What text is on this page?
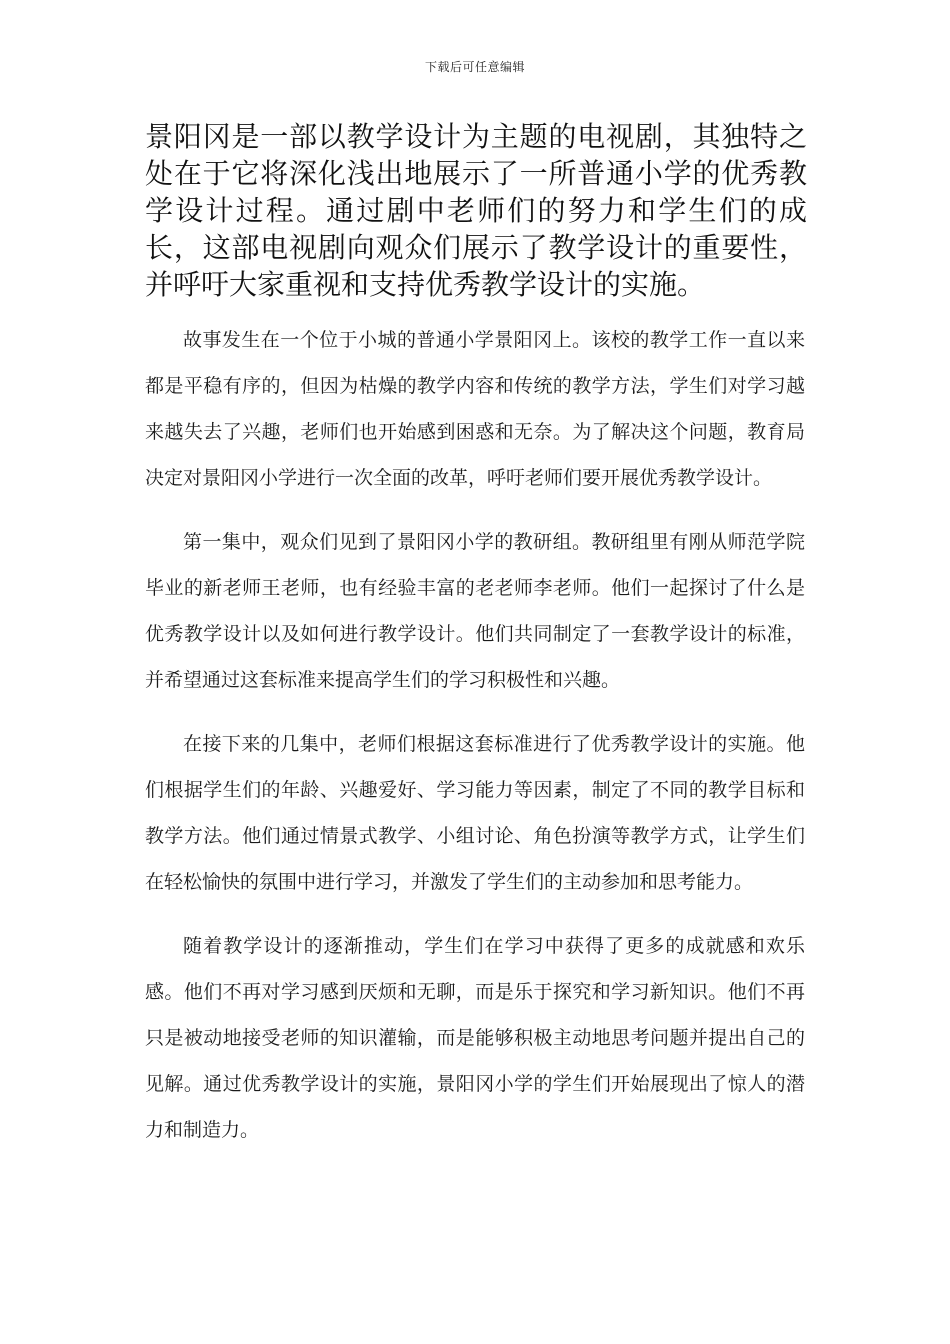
下载后可任意编辑
景阳冈是一部以教学设计为主题的电视剧，其独特之处在于它将深化浅出地展示了一所普通小学的优秀教学设计过程。通过剧中老师们的努力和学生们的成长，这部电视剧向观众们展示了教学设计的重要性，并呼吁大家重视和支持优秀教学设计的实施。

故事发生在一个位于小城的普通小学景阳冈上。该校的教学工作一直以来都是平稳有序的，但因为枯燥的教学内容和传统的教学方法，学生们对学习越来越失去了兴趣，老师们也开始感到困惑和无奈。为了解决这个问题，教育局决定对景阳冈小学进行一次全面的改革，呼吁老师们要开展优秀教学设计。

第一集中，观众们见到了景阳冈小学的教研组。教研组里有刚从师范学院毕业的新老师王老师，也有经验丰富的老老师李老师。他们一起探讨了什么是优秀教学设计以及如何进行教学设计。他们共同制定了一套教学设计的标准，并希望通过这套标准来提高学生们的学习积极性和兴趣。

在接下来的几集中，老师们根据这套标准进行了优秀教学设计的实施。他们根据学生们的年龄、兴趣爱好、学习能力等因素，制定了不同的教学目标和教学方法。他们通过情景式教学、小组讨论、角色扮演等教学方式，让学生们在轻松愉快的氛围中进行学习，并激发了学生们的主动参加和思考能力。

随着教学设计的逐渐推动，学生们在学习中获得了更多的成就感和欢乐感。他们不再对学习感到厌烦和无聊，而是乐于探究和学习新知识。他们不再只是被动地接受老师的知识灌输，而是能够积极主动地思考问题并提出自己的见解。通过优秀教学设计的实施，景阳冈小学的学生们开始展现出了惊人的潜力和制造力。
